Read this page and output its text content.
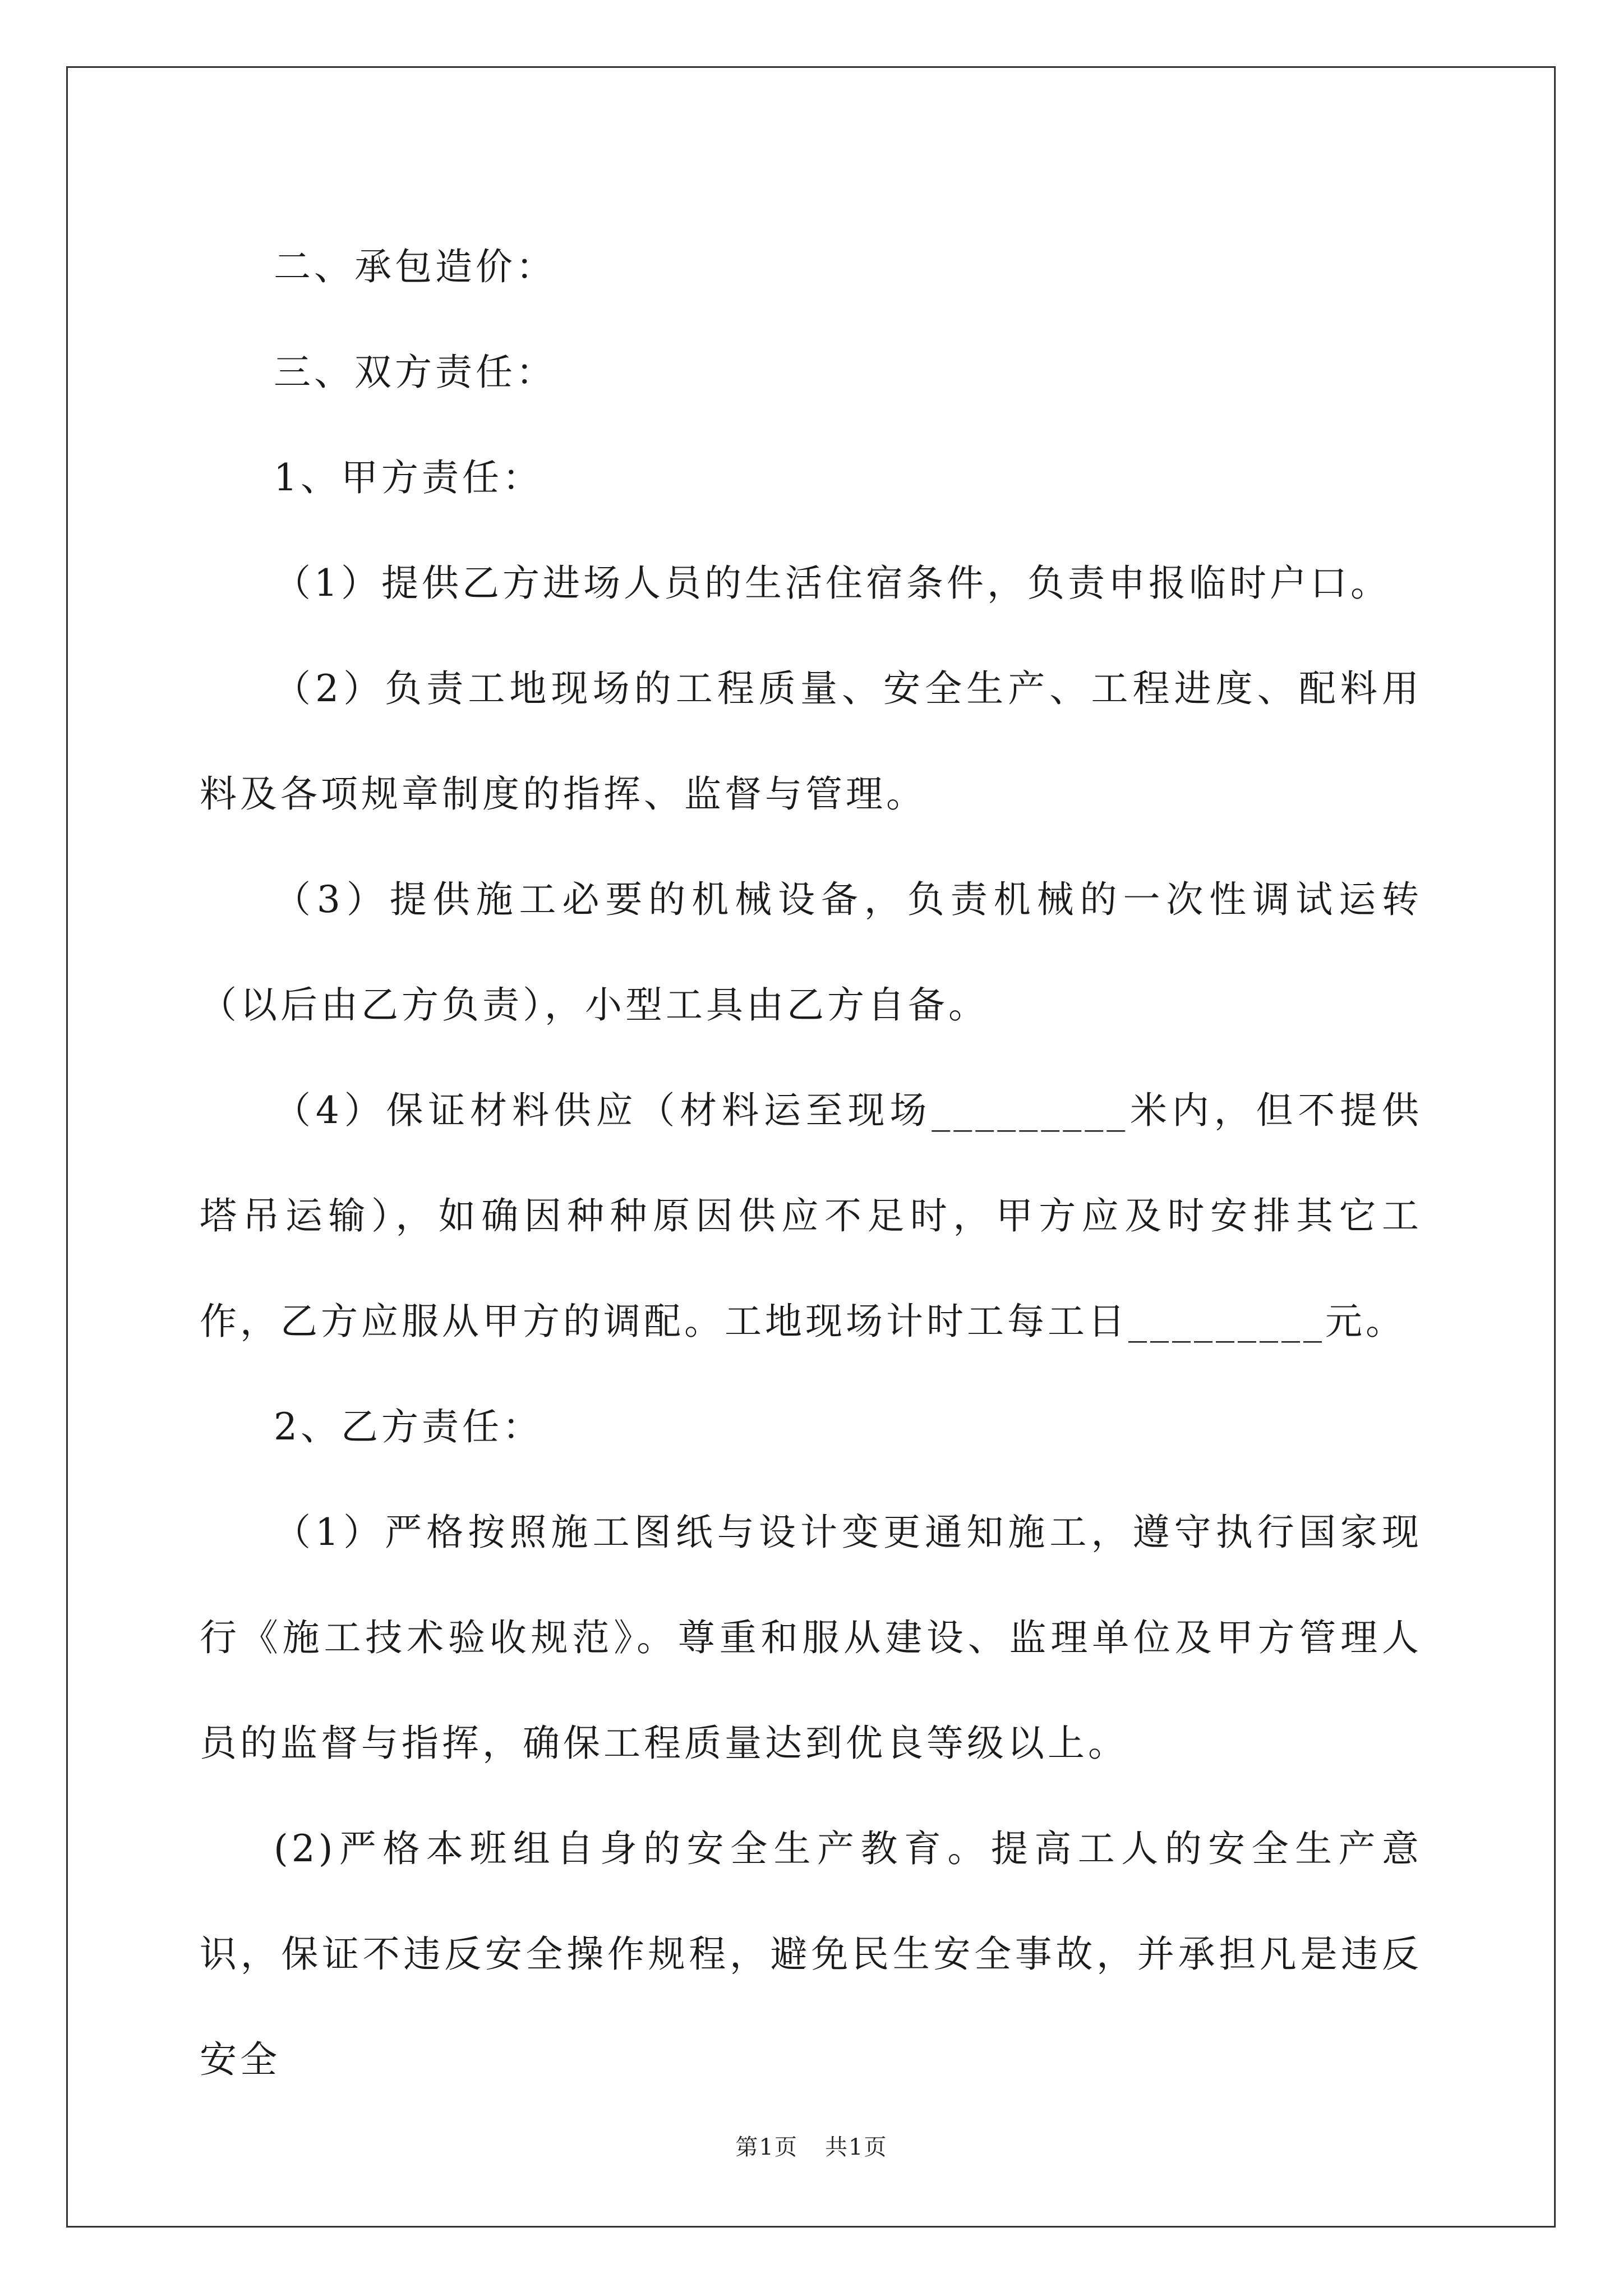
二、承包造价：

三、双方责任：

1、甲方责任：

（1）提供乙方进场人员的生活住宿条件，负责申报临时户口。

（2）负责工地现场的工程质量、安全生产、工程进度、配料用料及各项规章制度的指挥、监督与管理。

（3）提供施工必要的机械设备，负责机械的一次性调试运转（以后由乙方负责），小型工具由乙方自备。

（4）保证材料供应（材料运至现场_________米内，但不提供塔吊运输），如确因种种原因供应不足时，甲方应及时安排其它工作，乙方应服从甲方的调配。工地现场计时工每工日_________元。

2、乙方责任：

（1）严格按照施工图纸与设计变更通知施工，遵守执行国家现行《施工技术验收规范》。尊重和服从建设、监理单位及甲方管理人员的监督与指挥，确保工程质量达到优良等级以上。

(2)严格本班组自身的安全生产教育。提高工人的安全生产意识，保证不违反安全操作规程，避免民生安全事故，并承担凡是违反安全

第1页 共1页
